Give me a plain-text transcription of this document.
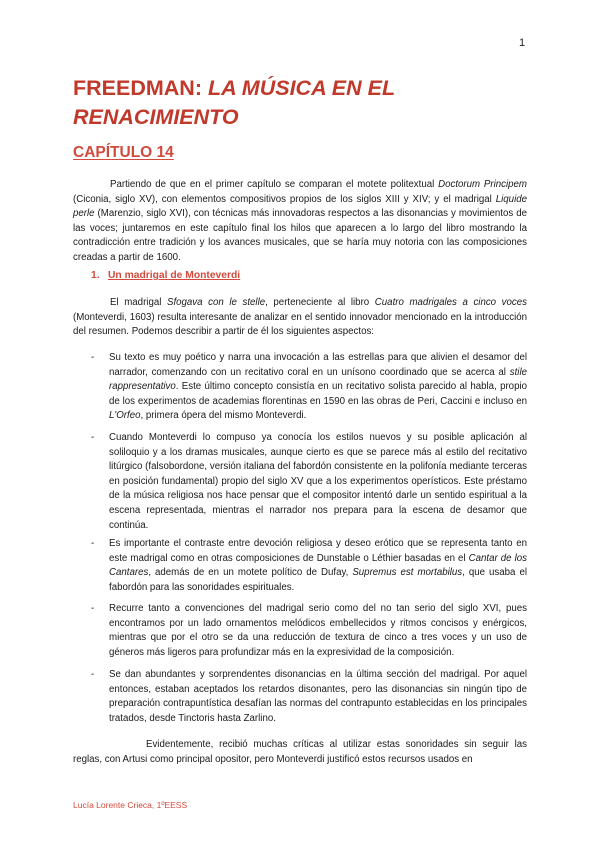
1
FREEDMAN: LA MÚSICA EN EL RENACIMIENTO
CAPÍTULO 14

Partiendo de que en el primer capítulo se comparan el motete politextual Doctorum Principem (Ciconia, siglo XV), con elementos compositivos propios de los siglos XIII y XIV; y el madrigal Liquide perle (Marenzio, siglo XVI), con técnicas más innovadoras respectos a las disonancias y movimientos de las voces; juntaremos en este capítulo final los hilos que aparecen a lo largo del libro mostrando la contradicción entre tradición y los avances musicales, que se haría muy notoria con las composiciones creadas a partir de 1600.

1. Un madrigal de Monteverdi

El madrigal Sfogava con le stelle, perteneciente al libro Cuatro madrigales a cinco voces (Monteverdi, 1603) resulta interesante de analizar en el sentido innovador mencionado en la introducción del resumen. Podemos describir a partir de él los siguientes aspectos:

- Su texto es muy poético y narra una invocación a las estrellas para que alivien el desamor del narrador, comenzando con un recitativo coral en un unísono coordinado que se acerca al stile rappresentativo. Este último concepto consistía en un recitativo solista parecido al habla, propio de los experimentos de academias florentinas en 1590 en las obras de Peri, Caccini e incluso en L'Orfeo, primera ópera del mismo Monteverdi.
- Cuando Monteverdi lo compuso ya conocía los estilos nuevos y su posible aplicación al soliloquio y a los dramas musicales, aunque cierto es que se parece más al estilo del recitativo litúrgico (falsobordone, versión italiana del fabordón consistente en la polifonía mediante terceras en posición fundamental) propio del siglo XV que a los experimentos operísticos. Este préstamo de la música religiosa nos hace pensar que el compositor intentó darle un sentido espiritual a la escena representada, mientras el narrador nos prepara para la escena de desamor que continúa.
- Es importante el contraste entre devoción religiosa y deseo erótico que se representa tanto en este madrigal como en otras composiciones de Dunstable o Léthier basadas en el Cantar de los Cantares, además de en un motete político de Dufay, Supremus est mortabilus, que usaba el fabordón para las sonoridades espirituales.
- Recurre tanto a convenciones del madrigal serio como del no tan serio del siglo XVI, pues encontramos por un lado ornamentos melódicos embellecidos y ritmos concisos y enérgicos, mientras que por el otro se da una reducción de textura de cinco a tres voces y un uso de géneros más ligeros para profundizar más en la expresividad de la composición.
- Se dan abundantes y sorprendentes disonancias en la última sección del madrigal. Por aquel entonces, estaban aceptados los retardos disonantes, pero las disonancias sin ningún tipo de preparación contrapuntística desafían las normas del contrapunto establecidas en los principales tratados, desde Tinctoris hasta Zarlino.

Evidentemente, recibió muchas críticas al utilizar estas sonoridades sin seguir las reglas, con Artusi como principal opositor, pero Monteverdi justificó estos recursos usados en

Lucía Lorente Crieca, 1ºEESS
